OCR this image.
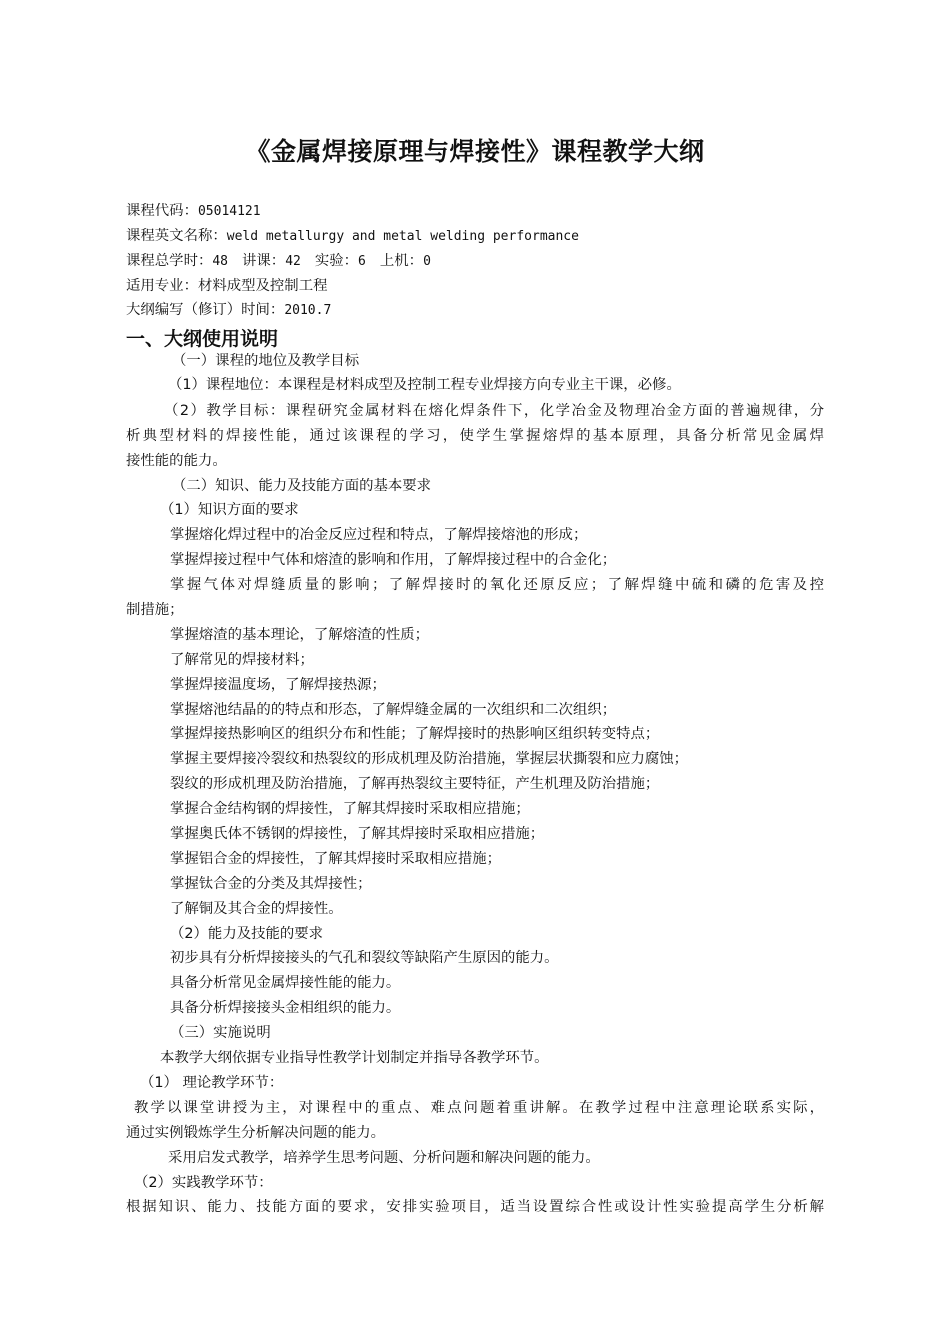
《金属焊接原理与焊接性》课程教学大纲
课程代码：05014121
课程英文名称：weld metallurgy and metal welding performance
课程总学时：48 讲课：42 实验：6 上机：0
适用专业：材料成型及控制工程
大纲编写（修订）时间：2010.7
一、大纲使用说明
（一）课程的地位及教学目标
（1）课程地位：本课程是材料成型及控制工程专业焊接方向专业主干课，必修。
（2）教学目标：课程研究金属材料在熔化焊条件下，化学冶金及物理冶金方面的普遍规律，分
析典型材料的焊接性能，通过该课程的学习，使学生掌握熔焊的基本原理，具备分析常见金属焊
接性能的能力。
（二）知识、能力及技能方面的基本要求
（1）知识方面的要求
掌握熔化焊过程中的冶金反应过程和特点，了解焊接熔池的形成；
掌握焊接过程中气体和熔渣的影响和作用，了解焊接过程中的合金化；
掌握气体对焊缝质量的影响；了解焊接时的氧化还原反应；了解焊缝中硫和磷的危害及控
制措施；
掌握熔渣的基本理论，了解熔渣的性质；
了解常见的焊接材料；
掌握焊接温度场，了解焊接热源；
掌握熔池结晶的的特点和形态，了解焊缝金属的一次组织和二次组织；
掌握焊接热影响区的组织分布和性能；了解焊接时的热影响区组织转变特点；
掌握主要焊接冷裂纹和热裂纹的形成机理及防治措施，掌握层状撕裂和应力腐蚀；
裂纹的形成机理及防治措施，了解再热裂纹主要特征，产生机理及防治措施；
掌握合金结构钢的焊接性，了解其焊接时采取相应措施；
掌握奥氏体不锈钢的焊接性，了解其焊接时采取相应措施；
掌握铝合金的焊接性，了解其焊接时采取相应措施；
掌握钛合金的分类及其焊接性；
了解铜及其合金的焊接性。
（2）能力及技能的要求
初步具有分析焊接接头的气孔和裂纹等缺陷产生原因的能力。
具备分析常见金属焊接性能的能力。
具备分析焊接接头金相组织的能力。
（三）实施说明
本教学大纲依据专业指导性教学计划制定并指导各教学环节。
（1） 理论教学环节：
教学以课堂讲授为主，对课程中的重点、难点问题着重讲解。在教学过程中注意理论联系实际，
通过实例锻炼学生分析解决问题的能力。
采用启发式教学，培养学生思考问题、分析问题和解决问题的能力。
（2）实践教学环节：
根据知识、能力、技能方面的要求，安排实验项目，适当设置综合性或设计性实验提高学生分析解
